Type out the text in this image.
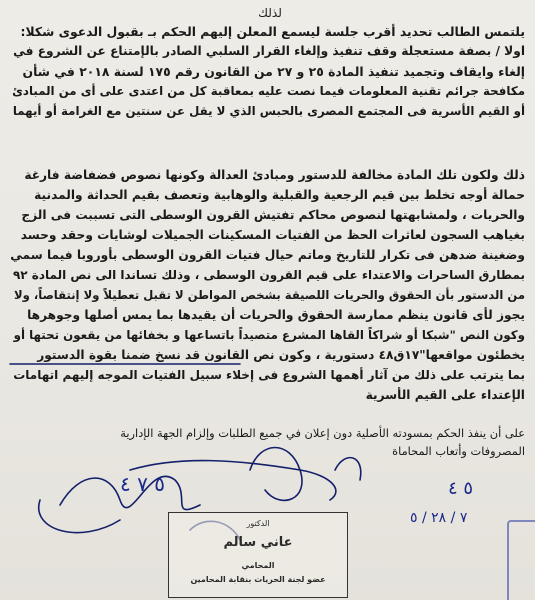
لذلك
يلتمس الطالب تحديد أقرب جلسة ليسمع المعلن إليهم الحكم بـ بقبول الدعوى شكلا:
اولا / بصفة مستعجلة وقف تنفيذ وإلغاء القرار السلبي الصادر بالإمتناع عن الشروع في
إلغاء وايقاف وتجميد تنفيذ المادة ٢٥ و ٢٧ من القانون رقم ١٧٥ لسنة ٢٠١٨ في شأن
مكافحة جرائم تقنية المعلومات فيما نصت عليه بمعاقبة كل من اعتدى على أى من المبادئ
أو القيم الأسرية فى المجتمع المصرى بالحبس الذي لا يقل عن سنتين مع الغرامة أو أيهما
ذلك ولكون تلك المادة مخالفة للدستور ومبادئ العدالة وكونها نصوص فضفاضة فارغة
حمالة أوجه تخلط بين قيم الرجعية والقبلية والوهابية وتعصف بقيم الحداثة والمدنية
والحريات ، ولمشابهتها لنصوص محاكم تفتيش القرون الوسطى التى تسببت فى الزج
بغياهب السجون لعاثرات الحظ من الفتيات المسكينات الجميلات لوشايات وحقد وحسد
وضغينة ضدهن فى تكرار للتاريخ وماتم حيال فتيات القرون الوسطى بأوروبا فيما سمي
بمطارق الساحرات والاعتداء على قيم القرون الوسطى ، وذلك تساندا الى نص المادة ٩٢
من الدستور بأن الحقوق والحريات اللصيقة بشخص المواطن لا تقبل تعطيلاً ولا إنتقاصاً، ولا
يجوز لأى قانون ينظم ممارسة الحقوق والحريات أن يقيدها بما يمس أصلها وجوهرها
وكون النص "شبكا أو شراكاً القاها المشرع متصيداً باتساعها و بخفائها من يقعون تحتها أو
يخطئون مواقعها"١٧ق٤٨ دستورية ، وكون نص القانون قد نسخ ضمنا بقوة الدستور
بما يترتب على ذلك من آثار أهمها الشروع فى إخلاء سبيل الفتيات الموجه إليهم اتهامات
الإعتداء على القيم الأسرية
على أن ينفذ الحكم بمسودته الأصلية دون إعلان في جميع الطلبات وإلزام الجهة الإدارية
المصروفات وأتعاب المحاماة
٥ ٧ ٤	٥ ٤
٧ / ٢٨ / ٥
الدكتور
عاني سالم
المحامي
عضو لجنة الحريات بنقابة المحامين
